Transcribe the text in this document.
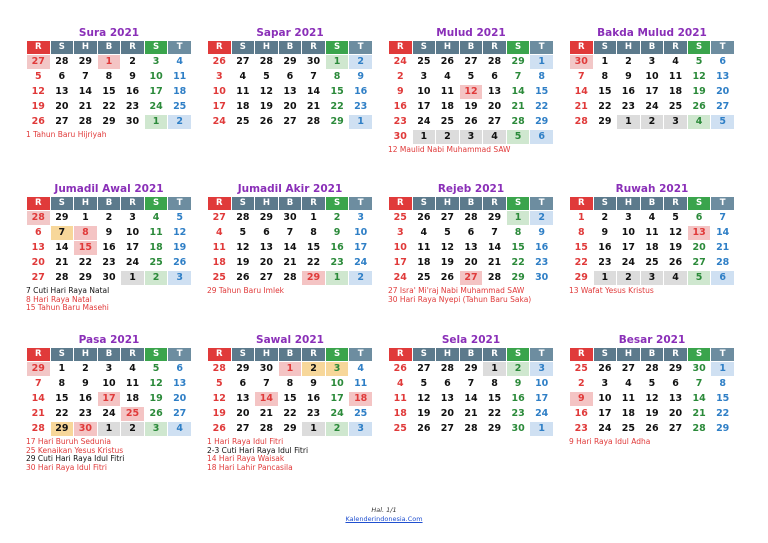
Sura 2021
R	S	H	B	R	S	T
27	28	29	1	2	3	4
5	6	7	8	9	10	11
12	13	14	15	16	17	18
19	20	21	22	23	24	25
26	27	28	29	30	1	2
1 Tahun Baru Hijriyah
Sapar 2021
R	S	H	B	R	S	T
26	27	28	29	30	1	2
3	4	5	6	7	8	9
10	11	12	13	14	15	16
17	18	19	20	21	22	23
24	25	26	27	28	29	1
Mulud 2021
R	S	H	B	R	S	T
24	25	26	27	28	29	1
2	3	4	5	6	7	8
9	10	11	12	13	14	15
16	17	18	19	20	21	22
23	24	25	26	27	28	29
30	1	2	3	4	5	6
12 Maulid Nabi Muhammad SAW
Bakda Mulud 2021
R	S	H	B	R	S	T
30	1	2	3	4	5	6
7	8	9	10	11	12	13
14	15	16	17	18	19	20
21	22	23	24	25	26	27
28	29	1	2	3	4	5
Jumadil Awal 2021
R	S	H	B	R	S	T
28	29	1	2	3	4	5
6	7	8	9	10	11	12
13	14	15	16	17	18	19
20	21	22	23	24	25	26
27	28	29	30	1	2	3
7 Cuti Hari Raya Natal
8 Hari Raya Natal
15 Tahun Baru Masehi
Jumadil Akir 2021
R	S	H	B	R	S	T
27	28	29	30	1	2	3
4	5	6	7	8	9	10
11	12	13	14	15	16	17
18	19	20	21	22	23	24
25	26	27	28	29	1	2
29 Tahun Baru Imlek
Rejeb 2021
R	S	H	B	R	S	T
25	26	27	28	29	1	2
3	4	5	6	7	8	9
10	11	12	13	14	15	16
17	18	19	20	21	22	23
24	25	26	27	28	29	30
27 Isra' Mi'raj Nabi Muhammad SAW
30 Hari Raya Nyepi (Tahun Baru Saka)
Ruwah 2021
R	S	H	B	R	S	T
1	2	3	4	5	6	7
8	9	10	11	12	13	14
15	16	17	18	19	20	21
22	23	24	25	26	27	28
29	1	2	3	4	5	6
13 Wafat Yesus Kristus
Pasa 2021
R	S	H	B	R	S	T
29	1	2	3	4	5	6
7	8	9	10	11	12	13
14	15	16	17	18	19	20
21	22	23	24	25	26	27
28	29	30	1	2	3	4
17 Hari Buruh Sedunia
25 Kenaikan Yesus Kristus
29 Cuti Hari Raya Idul Fitri
30 Hari Raya Idul Fitri
Sawal 2021
R	S	H	B	R	S	T
28	29	30	1	2	3	4
5	6	7	8	9	10	11
12	13	14	15	16	17	18
19	20	21	22	23	24	25
26	27	28	29	1	2	3
1 Hari Raya Idul Fitri
2-3 Cuti Hari Raya Idul Fitri
14 Hari Raya Waisak
18 Hari Lahir Pancasila
Sela 2021
R	S	H	B	R	S	T
26	27	28	29	1	2	3
4	5	6	7	8	9	10
11	12	13	14	15	16	17
18	19	20	21	22	23	24
25	26	27	28	29	30	1
Besar 2021
R	S	H	B	R	S	T
25	26	27	28	29	30	1
2	3	4	5	6	7	8
9	10	11	12	13	14	15
16	17	18	19	20	21	22
23	24	25	26	27	28	29
9 Hari Raya Idul Adha
Hal. 1/1
Kalenderindonesia.Com
